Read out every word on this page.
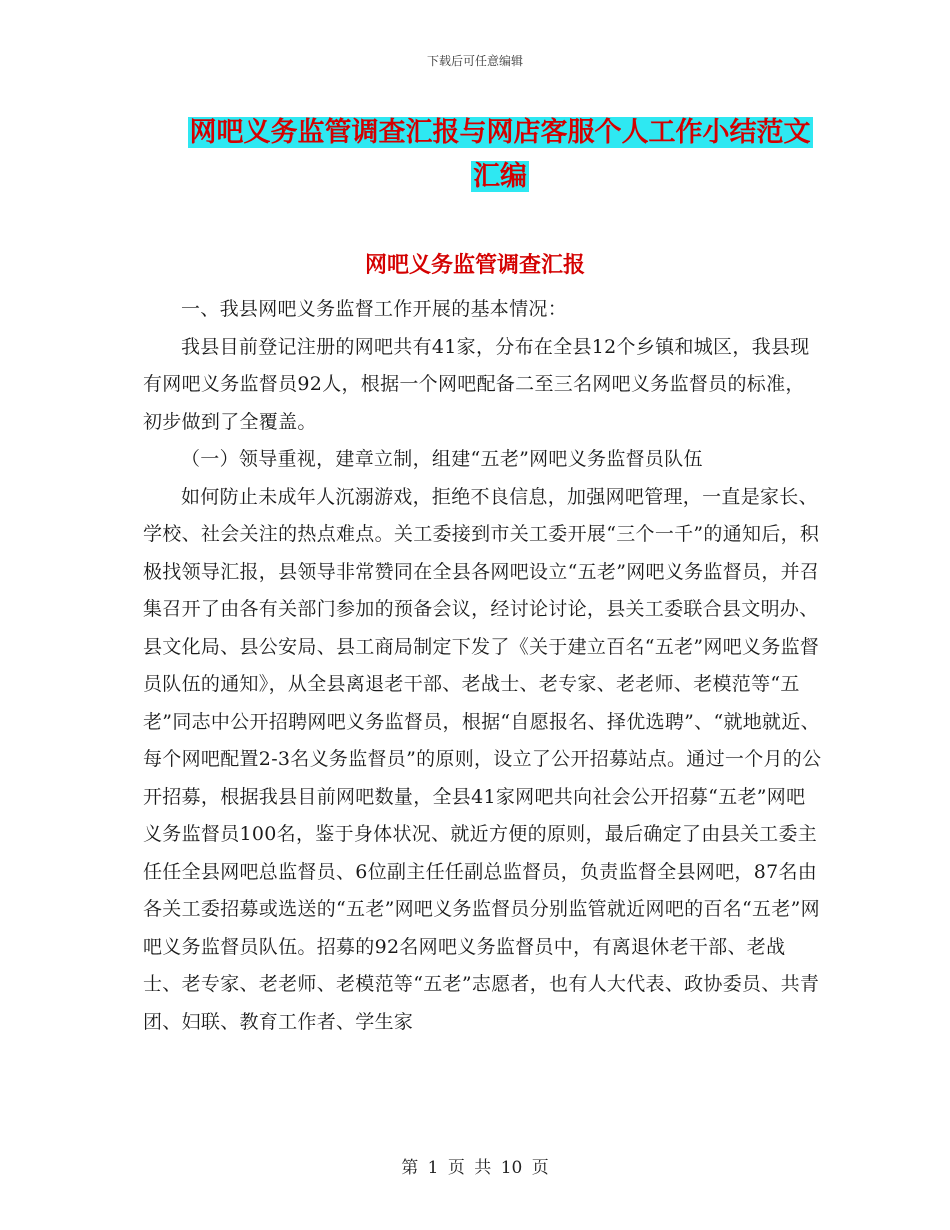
下载后可任意编辑
网吧义务监管调查汇报与网店客服个人工作小结范文
汇编
网吧义务监管调查汇报

一、我县网吧义务监督工作开展的基本情况：

我县目前登记注册的网吧共有41家，分布在全县12个乡镇和城区，我县现有网吧义务监督员92人，根据一个网吧配备二至三名网吧义务监督员的标准，初步做到了全覆盖。

（一）领导重视，建章立制，组建“五老”网吧义务监督员队伍

如何防止未成年人沉溺游戏，拒绝不良信息，加强网吧管理，一直是家长、学校、社会关注的热点难点。关工委接到市关工委开展“三个一千”的通知后，积极找领导汇报，县领导非常赞同在全县各网吧设立“五老”网吧义务监督员，并召集召开了由各有关部门参加的预备会议，经讨论讨论，县关工委联合县文明办、县文化局、县公安局、县工商局制定下发了《关于建立百名“五老”网吧义务监督员队伍的通知》，从全县离退老干部、老战士、老专家、老老师、老模范等“五老”同志中公开招聘网吧义务监督员，根据“自愿报名、择优选聘”、“就地就近、每个网吧配置2-3名义务监督员”的原则，设立了公开招募站点。通过一个月的公开招募，根据我县目前网吧数量，全县41家网吧共向社会公开招募“五老”网吧义务监督员100名，鉴于身体状况、就近方便的原则，最后确定了由县关工委主任任全县网吧总监督员、6位副主任任副总监督员，负责监督全县网吧，87名由各关工委招募或选送的“五老”网吧义务监督员分别监管就近网吧的百名“五老”网吧义务监督员队伍。招募的92名网吧义务监督员中，有离退休老干部、老战士、老专家、老老师、老模范等“五老”志愿者，也有人大代表、政协委员、共青团、妇联、教育工作者、学生家

第 1 页 共 10 页
